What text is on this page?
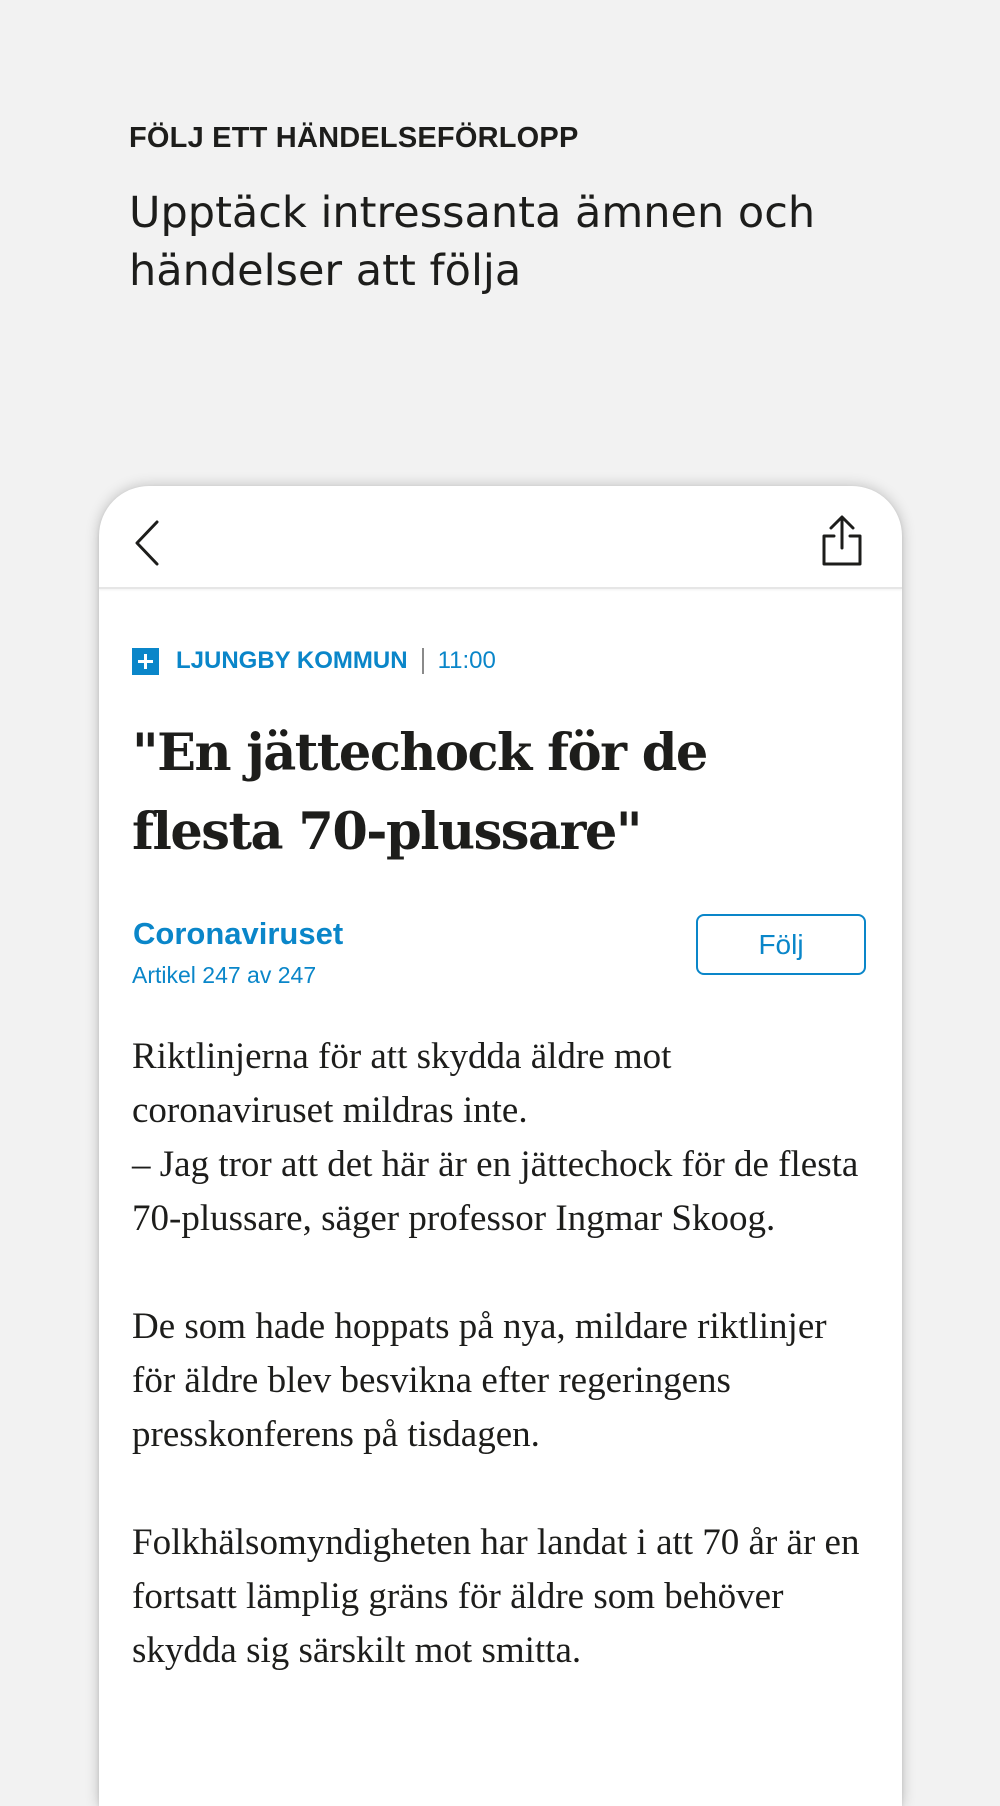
FÖLJ ETT HÄNDELSEFÖRLOPP
Upptäck intressanta ämnen och händelser att följa
LJUNGBY KOMMUN 11:00
"En jättechock för de flesta 70-plussare"
Coronaviruset
Artikel 247 av 247
Följ

Riktlinjerna för att skydda äldre mot coronaviruset mildras inte.
– Jag tror att det här är en jättechock för de flesta 70-plussare, säger professor Ingmar Skoog.

De som hade hoppats på nya, mildare riktlinjer för äldre blev besvikna efter regeringens presskonferens på tisdagen.

Folkhälsomyndigheten har landat i att 70 år är en fortsatt lämplig gräns för äldre som behöver skydda sig särskilt mot smitta.
